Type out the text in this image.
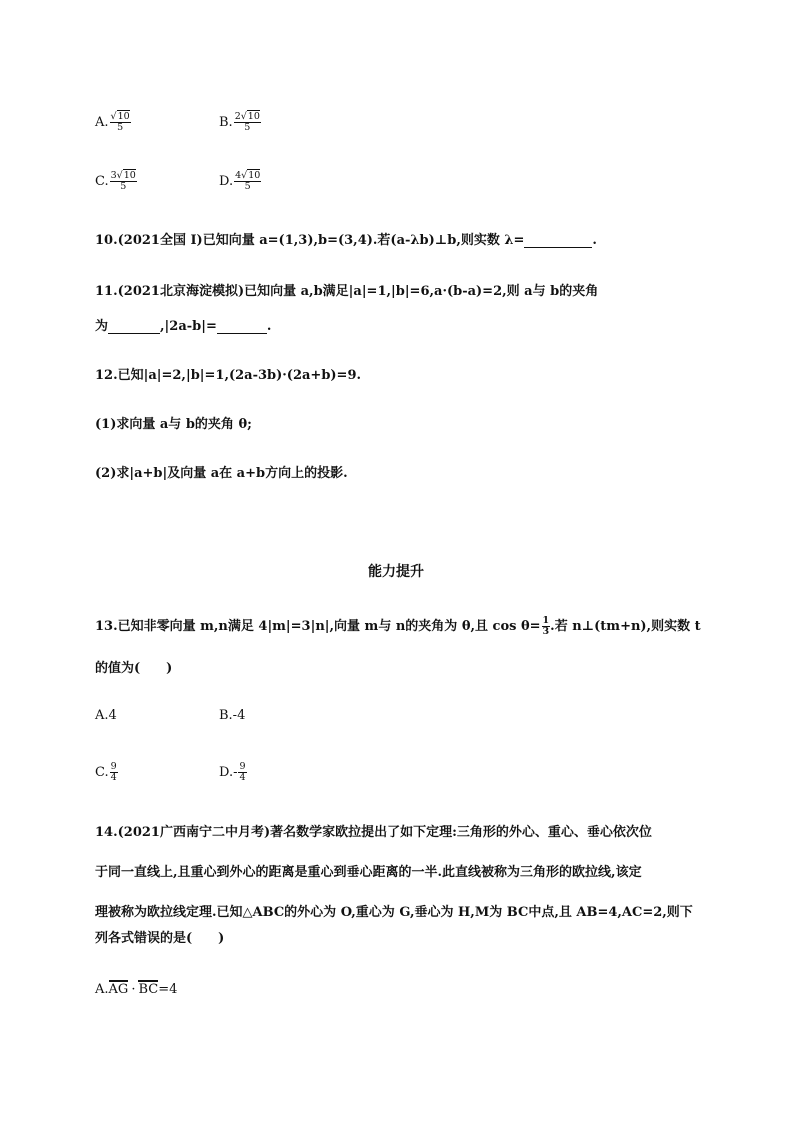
A. $\frac{√10}{5}$	B. $\frac{2√10}{5}$
C. $\frac{3√10}{5}$	D. $\frac{4√10}{5}$
10.(2021全国 Ⅰ)已知向量 a=(1,3),b=(3,4).若(a-λb)⊥b,则实数 λ=	.
11.(2021北京海淀模拟)已知向量 a,b满足|a|=1,|b|=6,a·(b-a)=2,则 a与 b的夹角
为	,|2a-b|=	.
12.已知|a|=2,|b|=1,(2a-3b)·(2a+b)=9.
(1)求向量 a与 b的夹角 θ;
(2)求|a+b|及向量 a在 a+b方向上的投影.
能力提升
13.已知非零向量 m,n满足 4|m|=3|n|,向量 m与 n的夹角为 θ,且 $\cos \theta= \frac{1}{3}$ .若 n⊥(tm+n),则实数 t
的值为(　　)
A.4	B.-4
C. $\frac{9}{4}$	$D.- \frac{9}{4}$
14.(2021广西南宁二中月考)著名数学家欧拉提出了如下定理:三角形的外心、重心、垂心依次位
于同一直线上,且重心到外心的距离是重心到垂心距离的一半.此直线被称为三角形的欧拉线,该定
理被称为欧拉线定理.已知△ABC的外心为 O,重心为 G,垂心为 H,M为 BC中点,且 AB=4,AC=2,则下
列各式错误的是(　　)
A.AG · BC=4
